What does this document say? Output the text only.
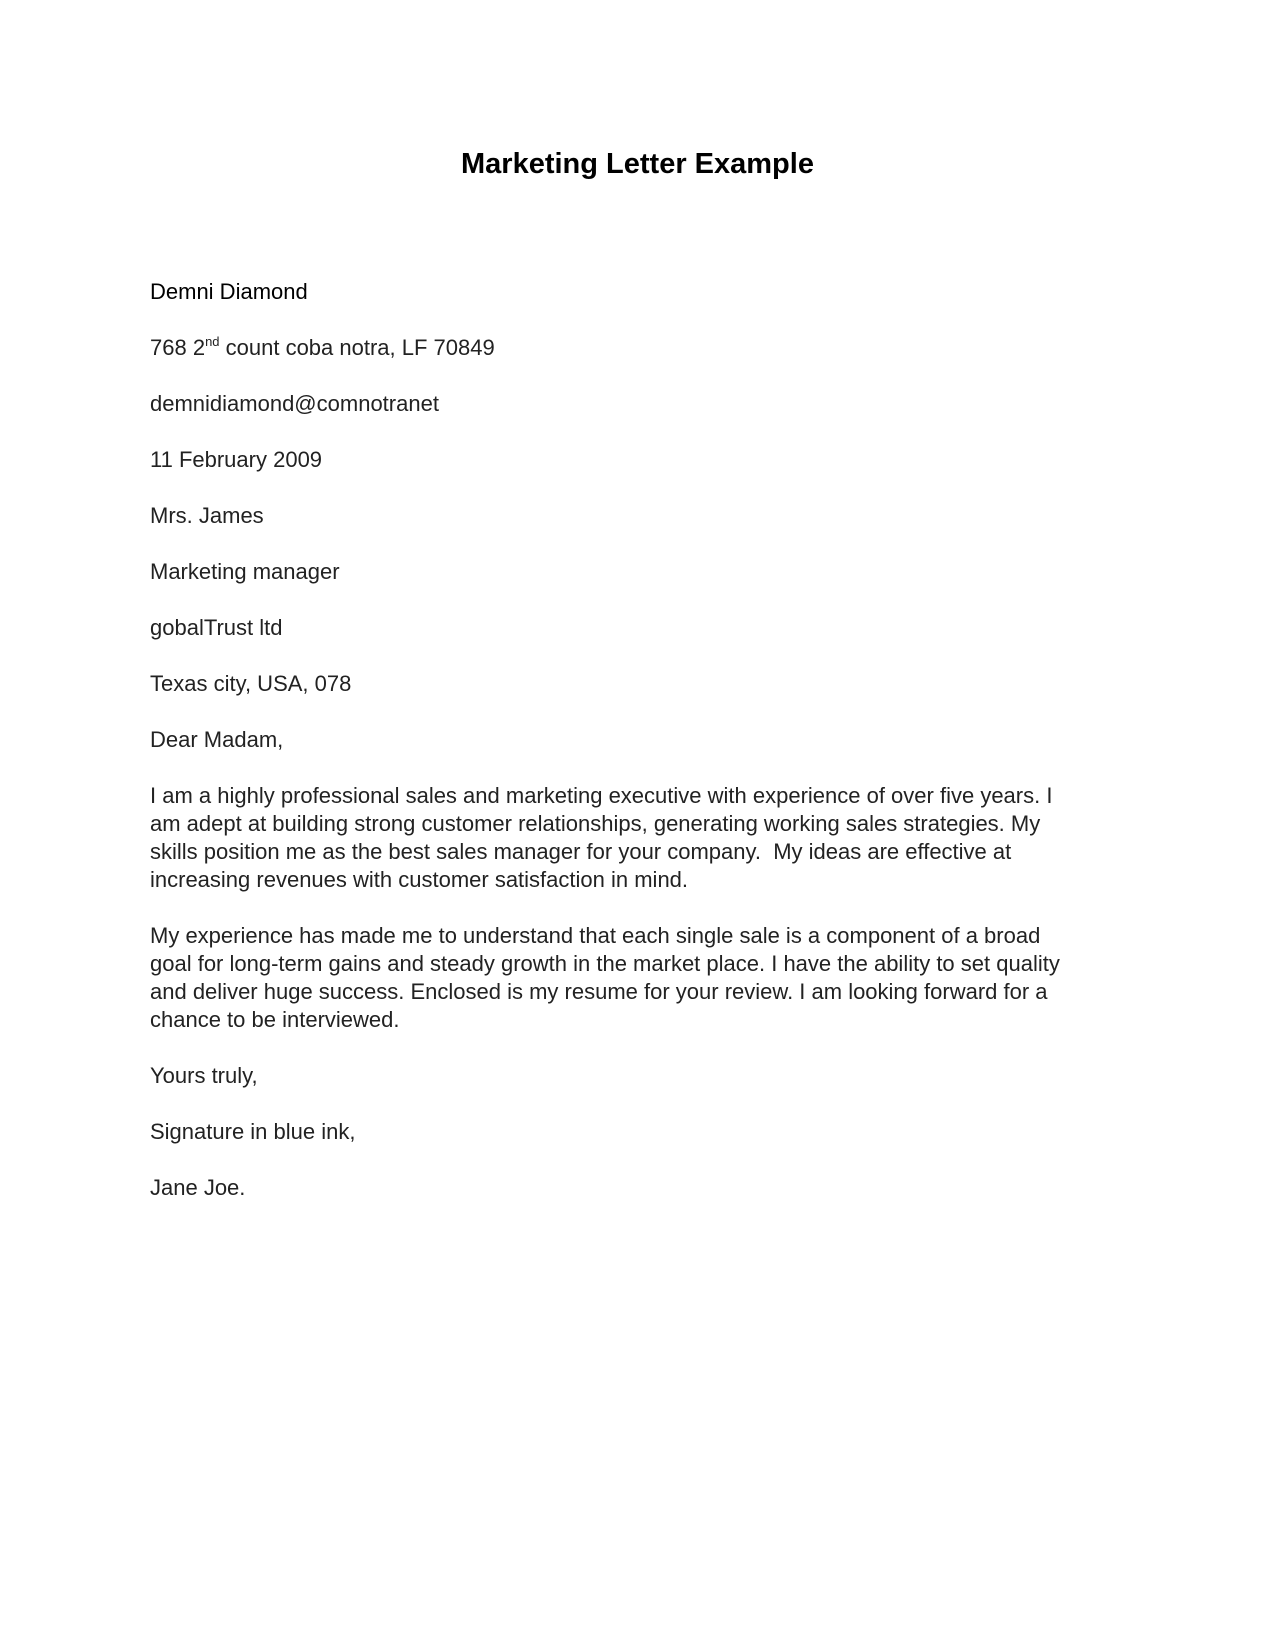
Marketing Letter Example
Demni Diamond
768 2nd count coba notra, LF 70849
demnidiamond@comnotranet
11 February 2009
Mrs. James
Marketing manager
gobalTrust ltd
Texas city, USA, 078
Dear Madam,
I am a highly professional sales and marketing executive with experience of over five years. I
am adept at building strong customer relationships, generating working sales strategies. My
skills position me as the best sales manager for your company.  My ideas are effective at
increasing revenues with customer satisfaction in mind.
My experience has made me to understand that each single sale is a component of a broad
goal for long-term gains and steady growth in the market place. I have the ability to set quality
and deliver huge success. Enclosed is my resume for your review. I am looking forward for a
chance to be interviewed.
Yours truly,
Signature in blue ink,
Jane Joe.
